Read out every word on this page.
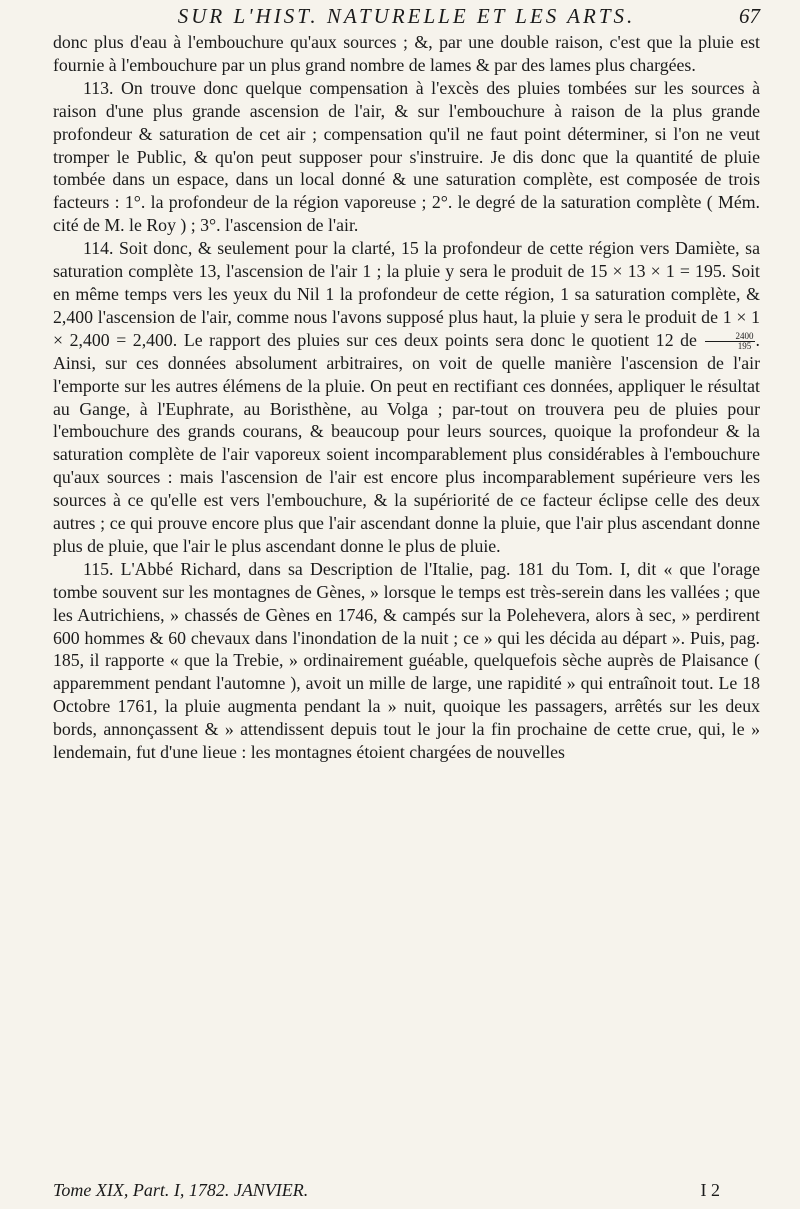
SUR L'HIST. NATURELLE ET LES ARTS.	67

donc plus d'eau à l'embouchure qu'aux sources ; &, par une double raison, c'est que la pluie est fournie à l'embouchure par un plus grand nombre de lames & par des lames plus chargées.

113. On trouve donc quelque compensation à l'excès des pluies tombées sur les sources à raison d'une plus grande ascension de l'air, & sur l'embouchure à raison de la plus grande profondeur & saturation de cet air ; compensation qu'il ne faut point déterminer, si l'on ne veut tromper le Public, & qu'on peut supposer pour s'instruire. Je dis donc que la quantité de pluie tombée dans un espace, dans un local donné & une saturation complète, est composée de trois facteurs : 1°. la profondeur de la région vaporeuse ; 2°. le degré de la saturation complète ( Mém. cité de M. le Roy ) ; 3°. l'ascension de l'air.

114. Soit donc, & seulement pour la clarté, 15 la profondeur de cette région vers Damiète, sa saturation complète 13, l'ascension de l'air 1 ; la pluie y sera le produit de 15 × 13 × 1 = 195. Soit en même temps vers les yeux du Nil 1 la profondeur de cette région, 1 sa saturation complète, & 2,400 l'ascension de l'air, comme nous l'avons supposé plus haut, la pluie y sera le produit de 1 × 1 × 2,400 = 2,400. Le rapport des pluies sur ces deux points sera donc le quotient 12 de $\frac{2400}{195}$ . Ainsi, sur ces données absolument arbitraires, on voit de quelle manière l'ascension de l'air l'emporte sur les autres élémens de la pluie. On peut en rectifiant ces données, appliquer le résultat au Gange, à l'Euphrate, au Boristhène, au Volga ; par-tout on trouvera peu de pluies pour l'embouchure des grands courans, & beaucoup pour leurs sources, quoique la profondeur & la saturation complète de l'air vaporeux soient incomparablement plus considérables à l'embouchure qu'aux sources : mais l'ascension de l'air est encore plus incomparablement supérieure vers les sources à ce qu'elle est vers l'embouchure, & la supériorité de ce facteur éclipse celle des deux autres ; ce qui prouve encore plus que l'air ascendant donne la pluie, que l'air plus ascendant donne plus de pluie, que l'air le plus ascendant donne le plus de pluie.

115. L'Abbé Richard, dans sa Description de l'Italie, pag. 181 du Tom. I, dit « que l'orage tombe souvent sur les montagnes de Gènes, » lorsque le temps est très-serein dans les vallées ; que les Autrichiens, » chassés de Gènes en 1746, & campés sur la Polehevera, alors à sec, » perdirent 600 hommes & 60 chevaux dans l'inondation de la nuit ; ce » qui les décida au départ ». Puis, pag. 185, il rapporte « que la Trebie, » ordinairement guéable, quelquefois sèche auprès de Plaisance ( apparemment pendant l'automne ), avoit un mille de large, une rapidité » qui entraînoit tout. Le 18 Octobre 1761, la pluie augmenta pendant la » nuit, quoique les passagers, arrêtés sur les deux bords, annonçassent & » attendissent depuis tout le jour la fin prochaine de cette crue, qui, le » lendemain, fut d'une lieue : les montagnes étoient chargées de nouvelles

Tome XIX, Part. I, 1782. JANVIER.	I 2
